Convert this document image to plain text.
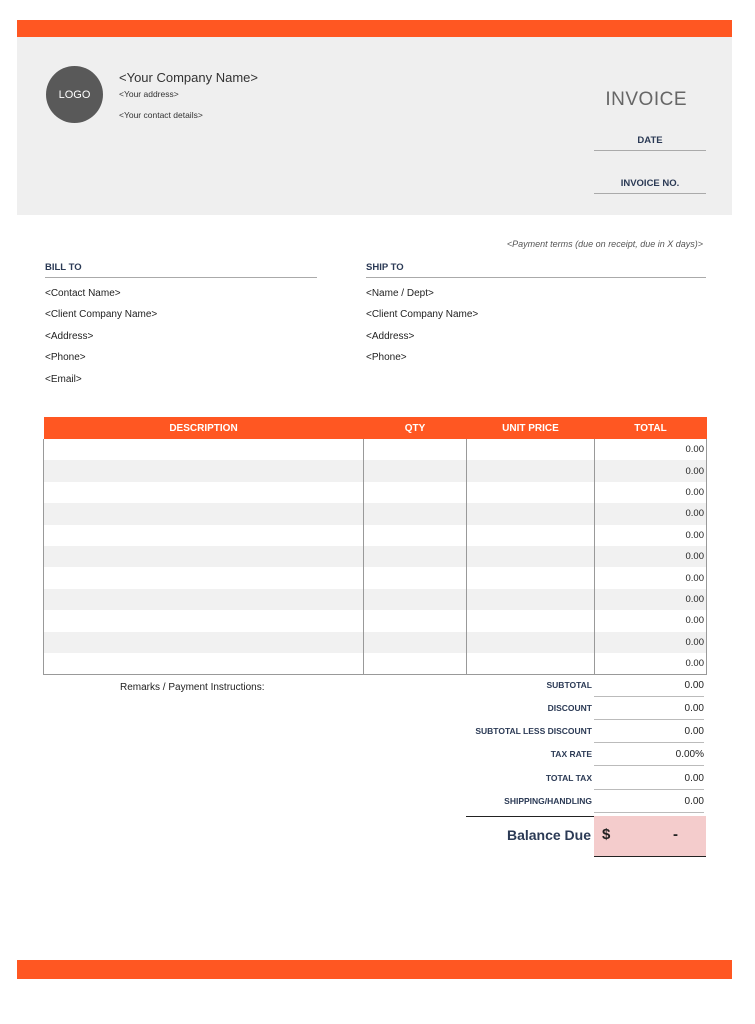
LOGO
<Your Company Name>
<Your address>
<Your contact details>
INVOICE
DATE
INVOICE NO.
<Payment terms (due on receipt, due in X days)>
BILL TO
<Contact Name>
<Client Company Name>
<Address>
<Phone>
<Email>
SHIP TO
<Name / Dept>
<Client Company Name>
<Address>
<Phone>
DESCRIPTION	QTY	UNIT PRICE	TOTAL
			0.00
			0.00
			0.00
			0.00
			0.00
			0.00
			0.00
			0.00
			0.00
			0.00
			0.00
Remarks / Payment Instructions:	SUBTOTAL	0.00
DISCOUNT	0.00
SUBTOTAL LESS DISCOUNT	0.00
TAX RATE	0.00%
TOTAL TAX	0.00
SHIPPING/HANDLING	0.00
Balance Due $	-
